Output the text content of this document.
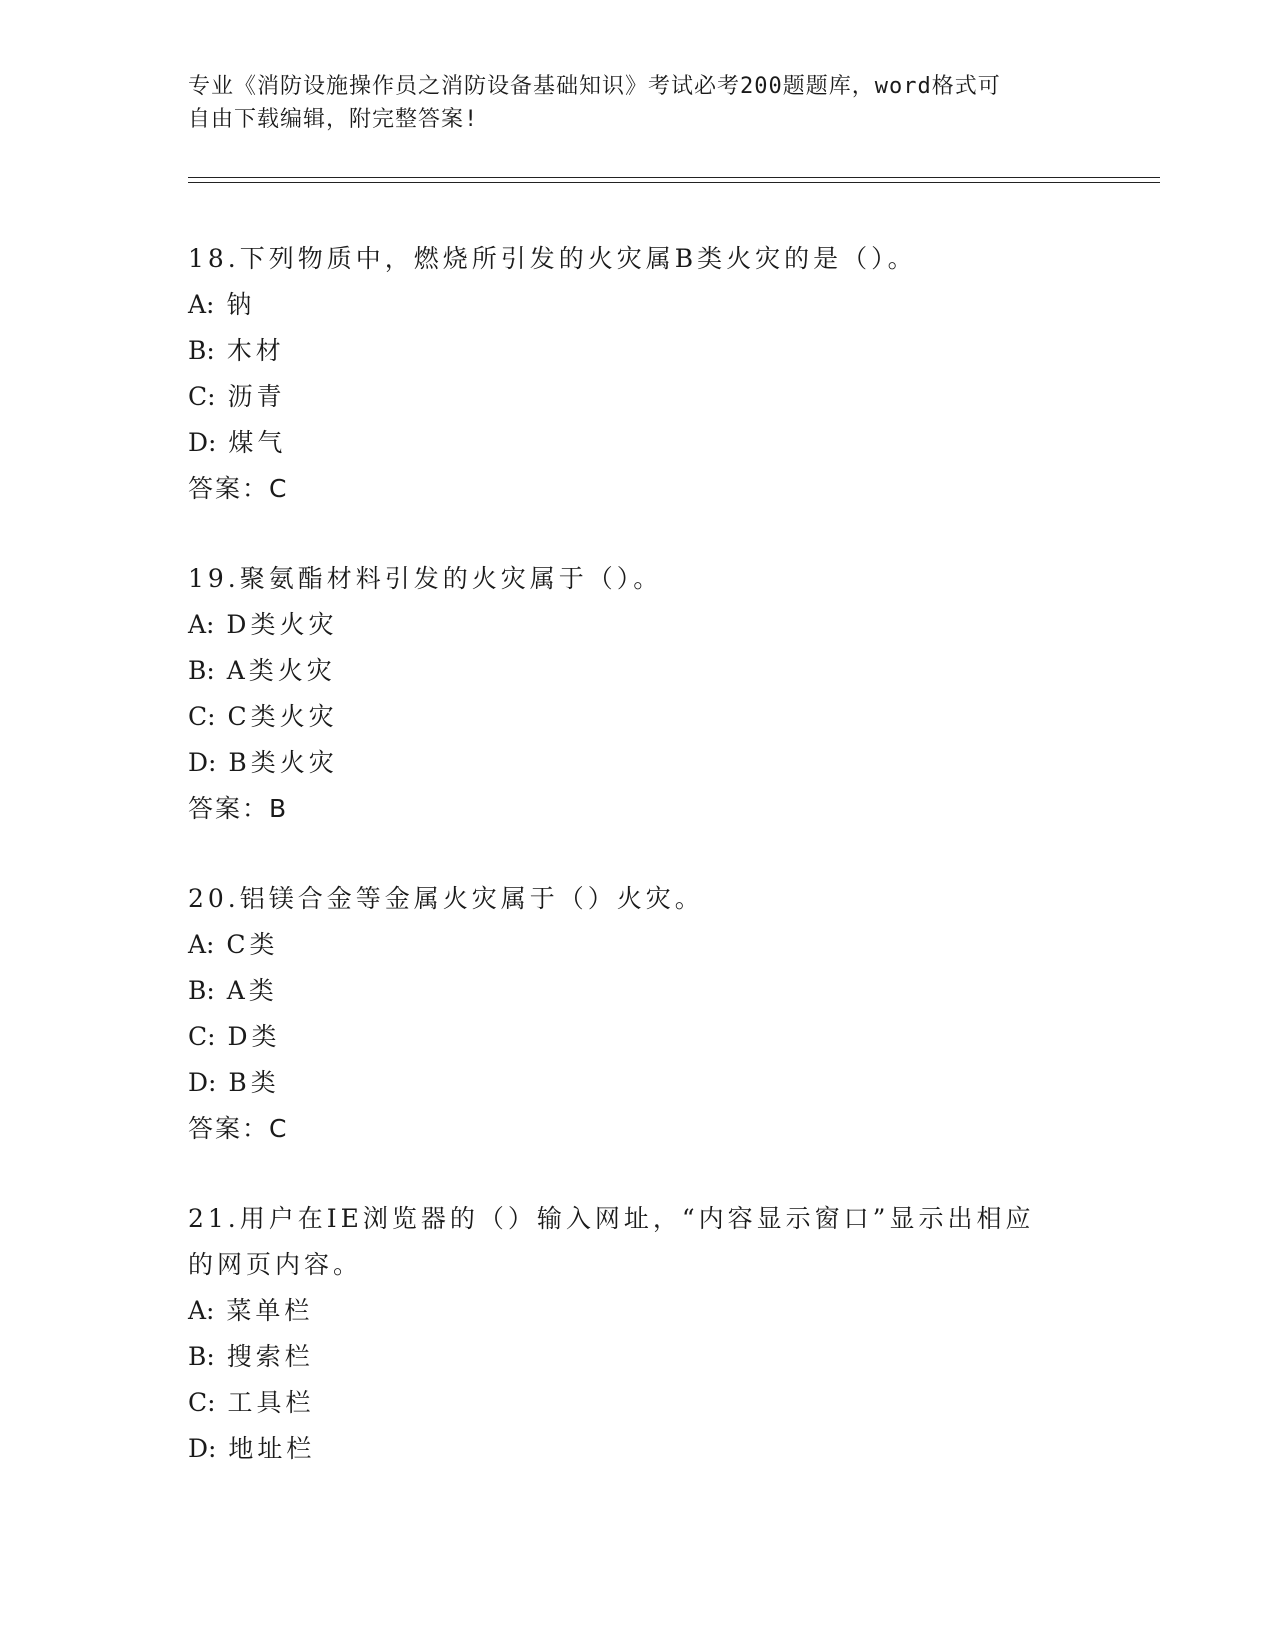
专业《消防设施操作员之消防设备基础知识》考试必考200题题库，word格式可
自由下载编辑，附完整答案!

18.下列物质中，燃烧所引发的火灾属B类火灾的是（）。

A: 钠

B: 木材

C: 沥青

D: 煤气

答案：C

19.聚氨酯材料引发的火灾属于（）。

A: D类火灾

B: A类火灾

C: C类火灾

D: B类火灾

答案：B

20.铝镁合金等金属火灾属于（）火灾。

A: C类

B: A类

C: D类

D: B类

答案：C

21.用户在IE浏览器的（）输入网址，“内容显示窗口”显示出相应的网页内容。

A: 菜单栏

B: 搜索栏

C: 工具栏

D: 地址栏
